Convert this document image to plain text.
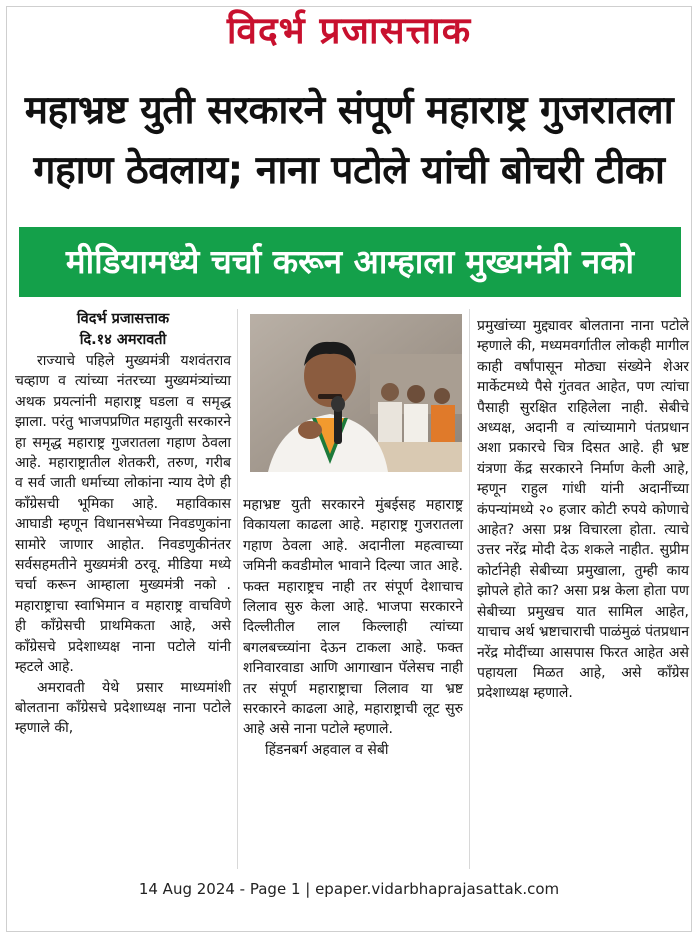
विदर्भ प्रजासत्ताक
महाभ्रष्ट युती सरकारने संपूर्ण महाराष्ट्र गुजरातला
गहाण ठेवलाय; नाना पटोले यांची बोचरी टीका
मीडियामध्ये चर्चा करून आम्हाला मुख्यमंत्री नको
विदर्भ प्रजासत्ताक
दि.१४ अमरावती

राज्याचे पहिले मुख्यमंत्री यशवंतराव चव्हाण व त्यांच्या नंतरच्या मुख्यमंत्र्यांच्या अथक प्रयत्नांनी महाराष्ट्र घडला व समृद्ध झाला. परंतु भाजपप्रणित महायुती सरकारने हा समृद्ध महाराष्ट्र गुजरातला गहाण ठेवला आहे. महाराष्ट्रातील शेतकरी, तरुण, गरीब व सर्व जाती धर्माच्या लोकांना न्याय देणे ही काँग्रेसची भूमिका आहे. महाविकास आघाडी म्हणून विधानसभेच्या निवडणुकांना सामोरे जाणार आहोत. निवडणुकीनंतर सर्वसहमतीने मुख्यमंत्री ठरवू. मीडिया मध्ये चर्चा करून आम्हाला मुख्यमंत्री नको . महाराष्ट्राचा स्वाभिमान व महाराष्ट्र वाचविणे ही काँग्रेसची प्राथमिकता आहे, असे काँग्रेसचे प्रदेशाध्यक्ष नाना पटोले यांनी म्हटले आहे.

अमरावती येथे प्रसार माध्यमांशी बोलताना काँग्रेसचे प्रदेशाध्यक्ष नाना पटोले म्हणाले की,

महाभ्रष्ट युती सरकारने मुंबईसह महाराष्ट्र विकायला काढला आहे. महाराष्ट्र गुजरातला गहाण ठेवला आहे. अदानीला महत्वाच्या जमिनी कवडीमोल भावाने दिल्या जात आहे. फक्त महाराष्ट्रच नाही तर संपूर्ण देशाचाच लिलाव सुरु केला आहे. भाजपा सरकारने दिल्लीतील लाल किल्लाही त्यांच्या बगलबच्च्यांना देऊन टाकला आहे. फक्त शनिवारवाडा आणि आगाखान पॅलेसच नाही तर संपूर्ण महाराष्ट्राचा लिलाव या भ्रष्ट सरकारने काढला आहे, महाराष्ट्राची लूट सुरु आहे असे नाना पटोले म्हणाले.

हिंडनबर्ग अहवाल व सेबी

प्रमुखांच्या मुद्द्यावर बोलताना नाना पटोले म्हणाले की, मध्यमवर्गातील लोकही मागील काही वर्षांपासून मोठ्या संख्येने शेअर मार्केटमध्ये पैसे गुंतवत आहेत, पण त्यांचा पैसाही सुरक्षित राहिलेला नाही. सेबीचे अध्यक्ष, अदानी व त्यांच्यामागे पंतप्रधान अशा प्रकारचे चित्र दिसत आहे. ही भ्रष्ट यंत्रणा केंद्र सरकारने निर्माण केली आहे, म्हणून राहुल गांधी यांनी अदानींच्या कंपन्यांमध्ये २० हजार कोटी रुपये कोणाचे आहेत? असा प्रश्न विचारला होता. त्याचे उत्तर नरेंद्र मोदी देऊ शकले नाहीत. सुप्रीम कोर्टानेही सेबीच्या प्रमुखाला, तुम्ही काय झोपले होते का? असा प्रश्न केला होता पण सेबीच्या प्रमुखच यात सामिल आहेत, याचाच अर्थ भ्रष्टाचाराची पाळंमुळं पंतप्रधान नरेंद्र मोदींच्या आसपास फिरत आहेत असे पहायला मिळत आहे, असे काँग्रेस प्रदेशाध्यक्ष म्हणाले.

14 Aug 2024 - Page 1 | epaper.vidarbhaprajasattak.com
